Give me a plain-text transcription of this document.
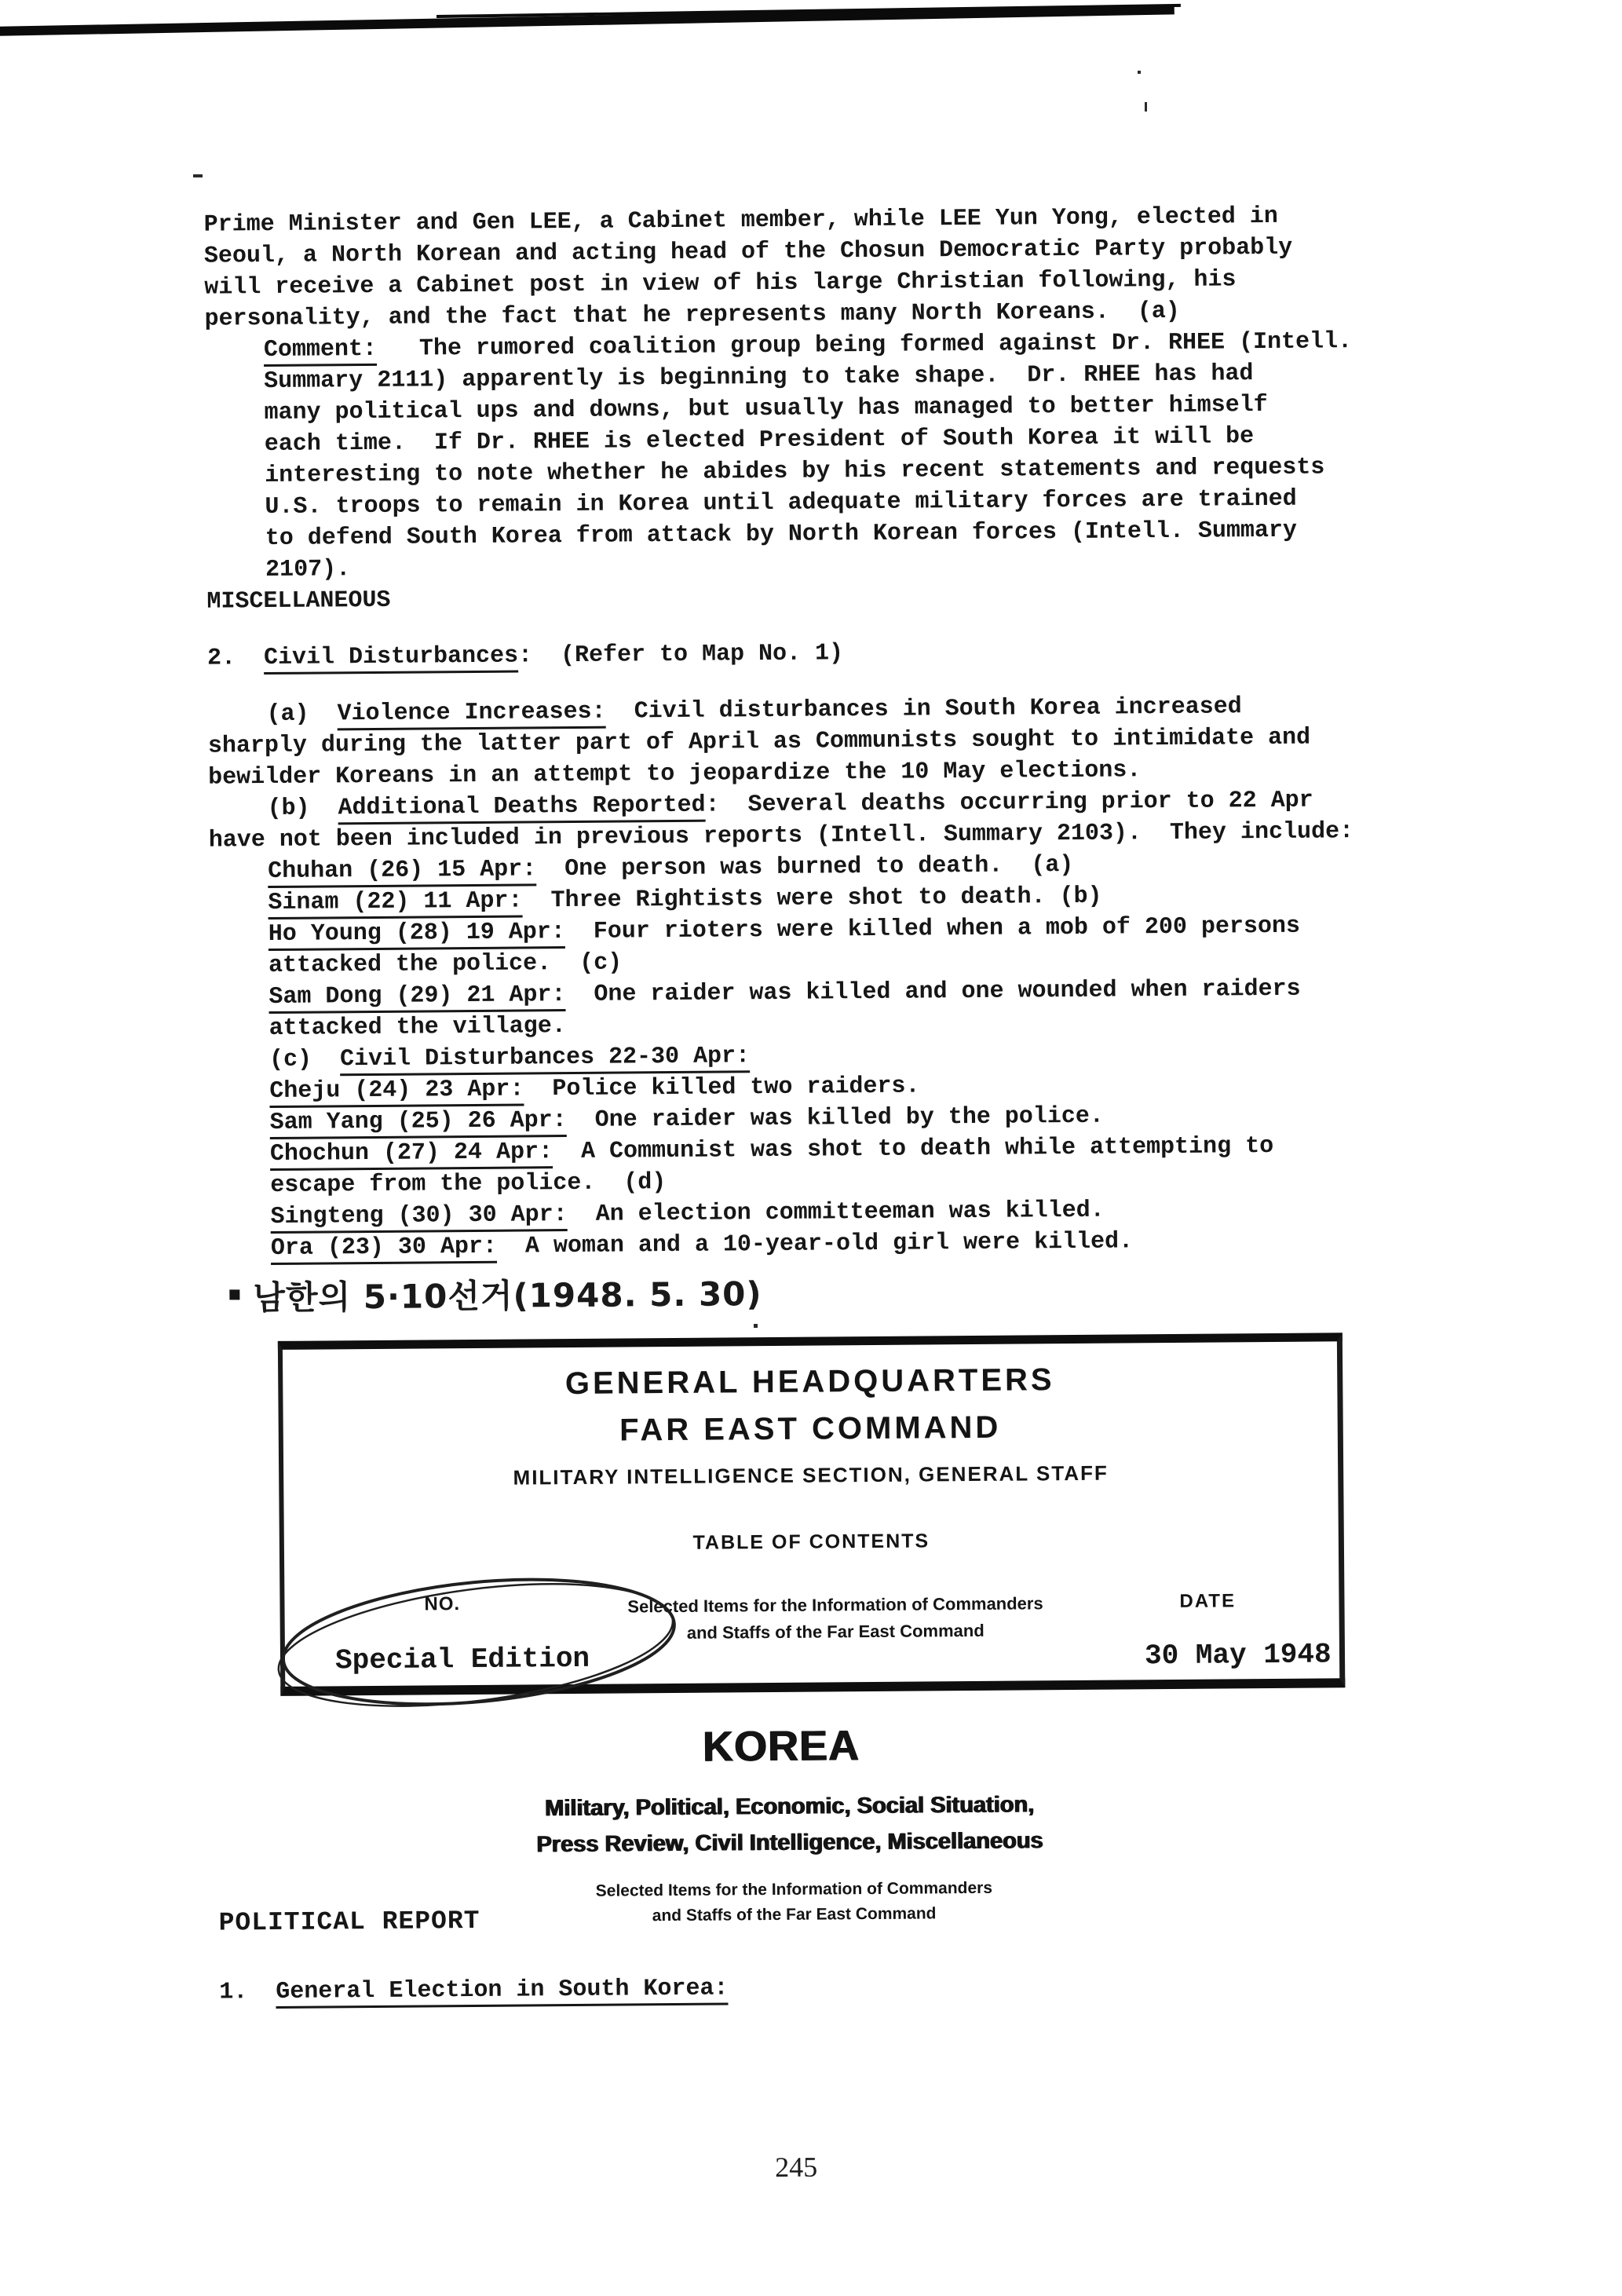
Prime Minister and Gen LEE, a Cabinet member, while LEE Yun Yong, elected in
Seoul, a North Korean and acting head of the Chosun Democratic Party probably
will receive a Cabinet post in view of his large Christian following, his
personality, and the fact that he represents many North Koreans.  (a)
Comment:   The rumored coalition group being formed against Dr. RHEE (Intell.
Summary 2111) apparently is beginning to take shape.  Dr. RHEE has had
many political ups and downs, but usually has managed to better himself
each time.  If Dr. RHEE is elected President of South Korea it will be
interesting to note whether he abides by his recent statements and requests
U.S. troops to remain in Korea until adequate military forces are trained
to defend South Korea from attack by North Korean forces (Intell. Summary
2107).
MISCELLANEOUS
2.  Civil Disturbances:  (Refer to Map No. 1)
(a)  Violence Increases:  Civil disturbances in South Korea increased
sharply during the latter part of April as Communists sought to intimidate and
bewilder Koreans in an attempt to jeopardize the 10 May elections.
(b)  Additional Deaths Reported:  Several deaths occurring prior to 22 Apr
have not been included in previous reports (Intell. Summary 2103).  They include:
Chuhan (26) 15 Apr:  One person was burned to death.  (a)
Sinam (22) 11 Apr:  Three Rightists were shot to death. (b)
Ho Young (28) 19 Apr:  Four rioters were killed when a mob of 200 persons
attacked the police.  (c)
Sam Dong (29) 21 Apr:  One raider was killed and one wounded when raiders
attacked the village.
(c)  Civil Disturbances 22-30 Apr:
Cheju (24) 23 Apr:  Police killed two raiders.
Sam Yang (25) 26 Apr:  One raider was killed by the police.
Chochun (27) 24 Apr:  A Communist was shot to death while attempting to
escape from the police.  (d)
Singteng (30) 30 Apr:  An election committeeman was killed.
Ora (23) 30 Apr:  A woman and a 10-year-old girl were killed.
남한의 5·10선거(1948. 5. 30)
GENERAL HEADQUARTERS
FAR EAST COMMAND
MILITARY INTELLIGENCE SECTION, GENERAL STAFF
TABLE OF CONTENTS
Selected Items for the Information of Commanders
and Staffs of the Far East Command
NO.	DATE
30 May 1948
Special Edition
KOREA
Military, Political, Economic, Social Situation,
Press Review, Civil Intelligence, Miscellaneous
Selected Items for the Information of Commanders
and Staffs of the Far East Command
POLITICAL REPORT
1.  General Election in South Korea:
245
